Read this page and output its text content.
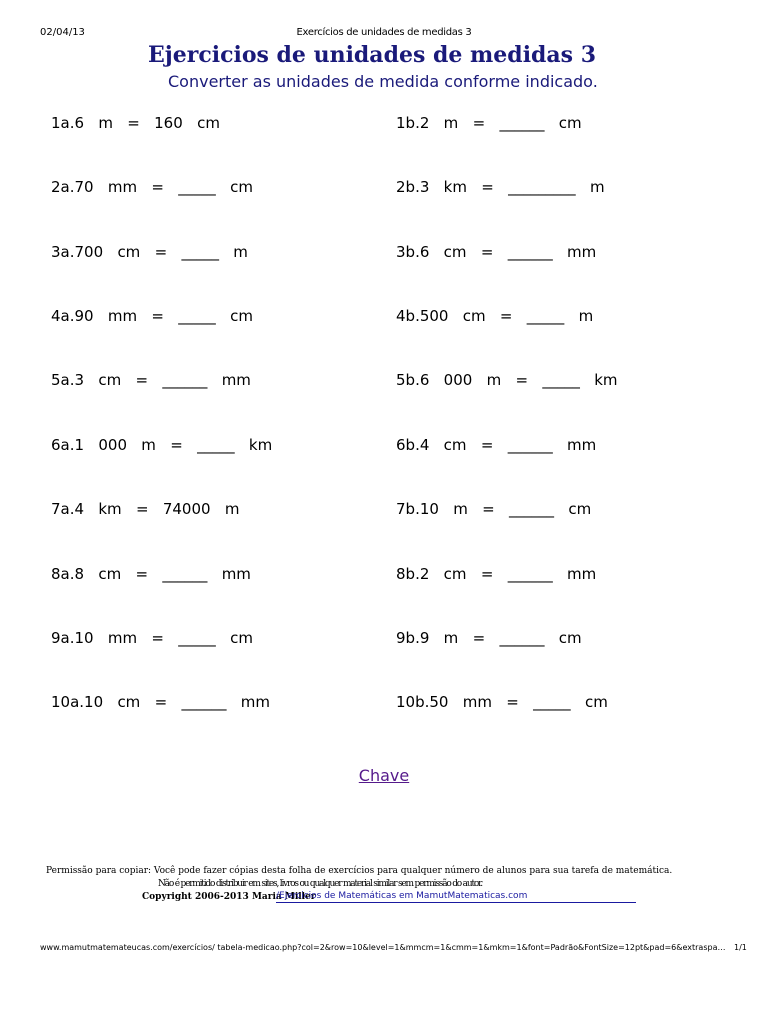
02/04/13	Exercícios de unidades de medidas 3
Ejercicios de unidades de medidas 3
Converter as unidades de medida conforme indicado.
1a.6   m   =   160   cm
2a.70   mm   =   _____   cm
3a.700   cm   =   _____   m
4a.90   mm   =   _____   cm
5a.3   cm   =   ______   mm
6a.1   000   m   =   _____   km
7a.4   km   =   74000   m
8a.8   cm   =   ______   mm
9a.10   mm   =   _____   cm
10a.10   cm   =   ______   mm
1b.2   m   =   ______   cm
2b.3   km   =   _________   m
3b.6   cm   =   ______   mm
4b.500   cm   =   _____   m
5b.6   000   m   =   _____   km
6b.4   cm   =   ______   mm
7b.10   m   =   ______   cm
8b.2   cm   =   ______   mm
9b.9   m   =   ______   cm
10b.50   mm   =   _____   cm
Chave
Permissão para copiar: Você pode fazer cópias desta folha de exercícios para qualquer número de alunos para sua tarefa de matemática.
Não é permitido distribuir em sites, livros ou qualquer material similar sem permissão do autor.
Copyright 2006-2013 Maria Miller
/Ejercicios de Matemáticas em MamutMatematicas.com
www.mamutmatemateucas.com/exercícios/ tabela-medicao.php?col=2&row=10&level=1&mmcm=1&cmm=1&mkm=1&font=Padrão&FontSize=12pt&pad=6&extraspa… 1/1
